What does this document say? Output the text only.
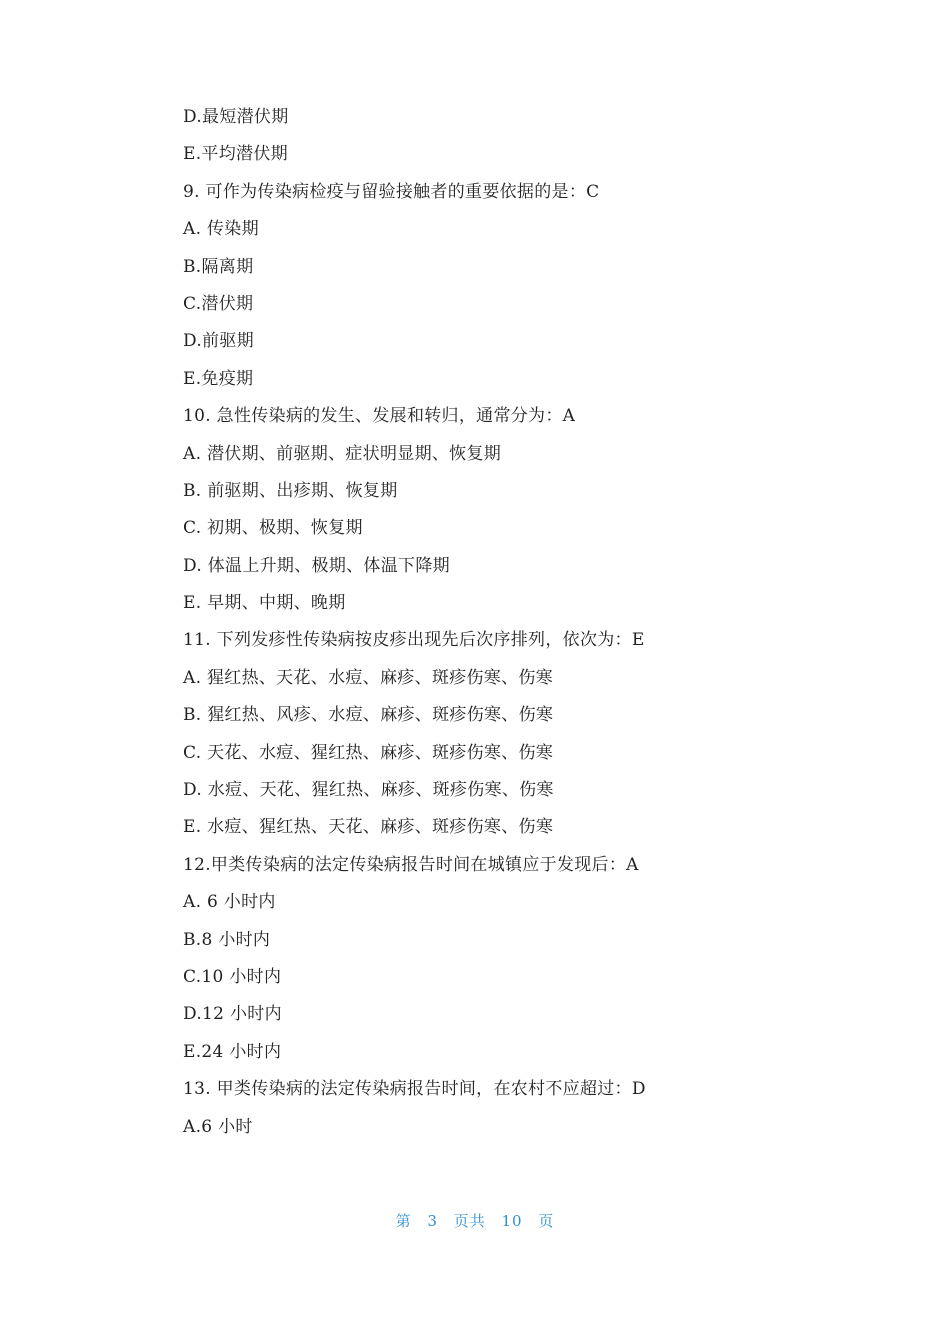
D.最短潜伏期
E.平均潜伏期
9. 可作为传染病检疫与留验接触者的重要依据的是：C
A. 传染期
B.隔离期
C.潜伏期
D.前驱期
E.免疫期
10. 急性传染病的发生、发展和转归，通常分为：A
A. 潜伏期、前驱期、症状明显期、恢复期
B. 前驱期、出疹期、恢复期
C. 初期、极期、恢复期
D. 体温上升期、极期、体温下降期
E. 早期、中期、晚期
11. 下列发疹性传染病按皮疹出现先后次序排列，依次为：E
A. 猩红热、天花、水痘、麻疹、斑疹伤寒、伤寒
B. 猩红热、风疹、水痘、麻疹、斑疹伤寒、伤寒
C. 天花、水痘、猩红热、麻疹、斑疹伤寒、伤寒
D. 水痘、天花、猩红热、麻疹、斑疹伤寒、伤寒
E. 水痘、猩红热、天花、麻疹、斑疹伤寒、伤寒
12.甲类传染病的法定传染病报告时间在城镇应于发现后：A
A. 6 小时内
B.8 小时内
C.10 小时内
D.12 小时内
E.24 小时内
13. 甲类传染病的法定传染病报告时间，在农村不应超过：D
A.6 小时
第 3 页共 10 页
